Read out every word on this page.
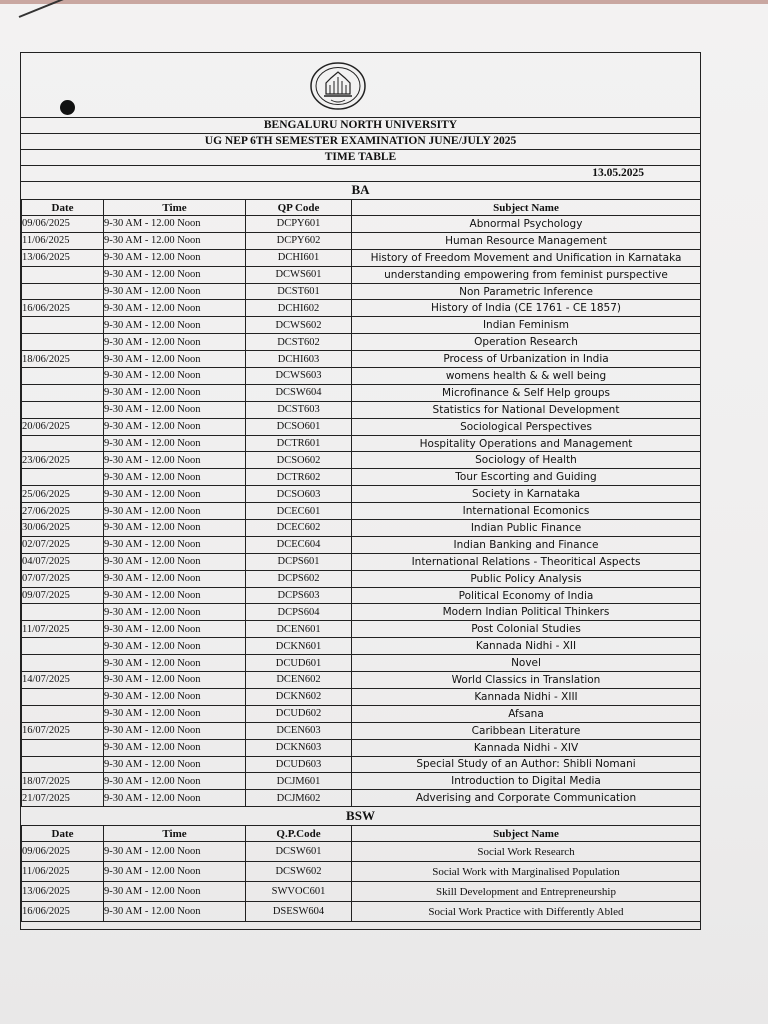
BENGALURU NORTH UNIVERSITY
UG NEP 6TH SEMESTER EXAMINATION JUNE/JULY 2025
TIME TABLE
13.05.2025
BA
Date	Time	QP Code	Subject Name
09/06/2025	9-30 AM - 12.00 Noon	DCPY601	Abnormal Psychology
11/06/2025	9-30 AM - 12.00 Noon	DCPY602	Human Resource Management
13/06/2025	9-30 AM - 12.00 Noon	DCHI601	History of Freedom Movement and Unification in Karnataka
	9-30 AM - 12.00 Noon	DCWS601	understanding empowering from feminist purspective
	9-30 AM - 12.00 Noon	DCST601	Non Parametric Inference
16/06/2025	9-30 AM - 12.00 Noon	DCHI602	History of India (CE 1761 - CE 1857)
	9-30 AM - 12.00 Noon	DCWS602	Indian Feminism
	9-30 AM - 12.00 Noon	DCST602	Operation Research
18/06/2025	9-30 AM - 12.00 Noon	DCHI603	Process of Urbanization in India
	9-30 AM - 12.00 Noon	DCWS603	womens health & & well being
	9-30 AM - 12.00 Noon	DCSW604	Microfinance & Self Help groups
	9-30 AM - 12.00 Noon	DCST603	Statistics for National Development
20/06/2025	9-30 AM - 12.00 Noon	DCSO601	Sociological Perspectives
	9-30 AM - 12.00 Noon	DCTR601	Hospitality Operations and Management
23/06/2025	9-30 AM - 12.00 Noon	DCSO602	Sociology of Health
	9-30 AM - 12.00 Noon	DCTR602	Tour Escorting and Guiding
25/06/2025	9-30 AM - 12.00 Noon	DCSO603	Society in Karnataka
27/06/2025	9-30 AM - 12.00 Noon	DCEC601	International Ecomonics
30/06/2025	9-30 AM - 12.00 Noon	DCEC602	Indian Public Finance
02/07/2025	9-30 AM - 12.00 Noon	DCEC604	Indian Banking and Finance
04/07/2025	9-30 AM - 12.00 Noon	DCPS601	International Relations - Theoritical Aspects
07/07/2025	9-30 AM - 12.00 Noon	DCPS602	Public Policy Analysis
09/07/2025	9-30 AM - 12.00 Noon	DCPS603	Political Economy of India
	9-30 AM - 12.00 Noon	DCPS604	Modern Indian Political Thinkers
11/07/2025	9-30 AM - 12.00 Noon	DCEN601	Post Colonial Studies
	9-30 AM - 12.00 Noon	DCKN601	Kannada Nidhi - XII
	9-30 AM - 12.00 Noon	DCUD601	Novel
14/07/2025	9-30 AM - 12.00 Noon	DCEN602	World Classics in Translation
	9-30 AM - 12.00 Noon	DCKN602	Kannada Nidhi - XIII
	9-30 AM - 12.00 Noon	DCUD602	Afsana
16/07/2025	9-30 AM - 12.00 Noon	DCEN603	Caribbean Literature
	9-30 AM - 12.00 Noon	DCKN603	Kannada Nidhi - XIV
	9-30 AM - 12.00 Noon	DCUD603	Special Study of an Author: Shibli Nomani
18/07/2025	9-30 AM - 12.00 Noon	DCJM601	Introduction to Digital Media
21/07/2025	9-30 AM - 12.00 Noon	DCJM602	Adverising and Corporate Communication
BSW
Date	Time	Q.P.Code	Subject Name
09/06/2025	9-30 AM - 12.00 Noon	DCSW601	Social Work Research
11/06/2025	9-30 AM - 12.00 Noon	DCSW602	Social Work with Marginalised Population
13/06/2025	9-30 AM - 12.00 Noon	SWVOC601	Skill Development and Entrepreneurship
16/06/2025	9-30 AM - 12.00 Noon	DSESW604	Social Work Practice with Differently Abled
